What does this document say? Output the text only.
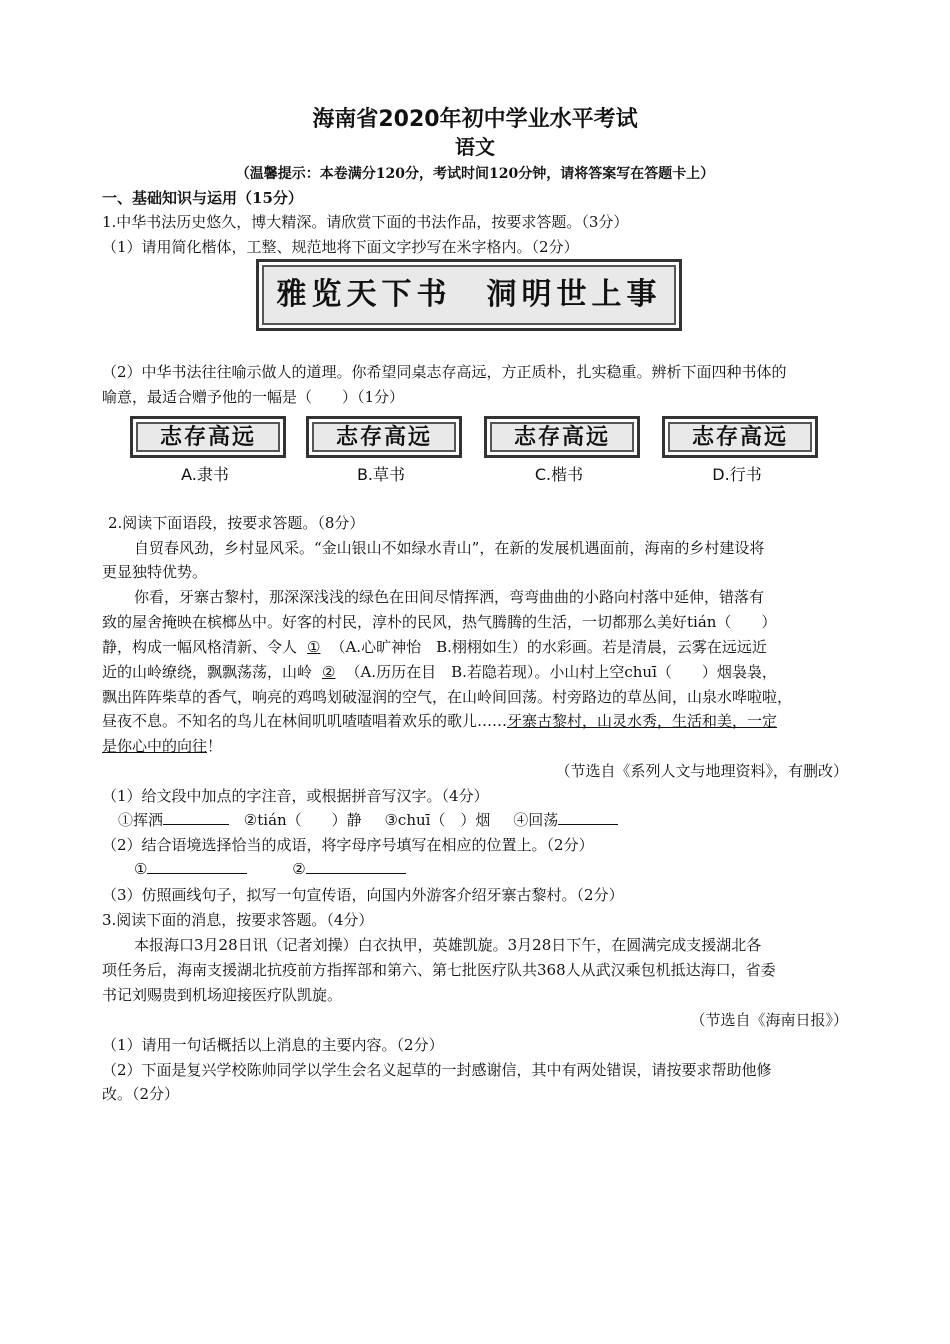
海南省2020年初中学业水平考试
语文
（温馨提示：本卷满分120分，考试时间120分钟，请将答案写在答题卡上）
一、基础知识与运用（15分）
1.中华书法历史悠久，博大精深。请欣赏下面的书法作品，按要求答题。（3分）
（1）请用简化楷体，工整、规范地将下面文字抄写在米字格内。（2分）
雅览天下书　洞明世上事
（2）中华书法往往喻示做人的道理。你希望同桌志存高远，方正质朴，扎实稳重。辨析下面四种书体的
喻意，最适合赠予他的一幅是（　　）（1分）
志存高远	志存高远	志存高远	志存高远
A.隶书	B.草书	C.楷书	D.行书
2.阅读下面语段，按要求答题。（8分）
自贸春风劲，乡村显风采。“金山银山不如绿水青山”，在新的发展机遇面前，海南的乡村建设将
更显独特优势。
你看，牙寨古黎村，那深深浅浅的绿色在田间尽情挥洒，弯弯曲曲的小路向村落中延伸，错落有
致的屋舍掩映在槟榔丛中。好客的村民，淳朴的民风，热气腾腾的生活，一切都那么美好tián（　　）
静，构成一幅风格清新、令人 ① （A.心旷神怡　B.栩栩如生）的水彩画。若是清晨，云雾在远远近
近的山岭缭绕，飘飘荡荡，山岭 ② （A.历历在目　B.若隐若现）。小山村上空chuī（　　）烟袅袅，
飘出阵阵柴草的香气，响亮的鸡鸣划破湿润的空气，在山岭间回荡。村旁路边的草丛间，山泉水哗啦啦，
昼夜不息。不知名的鸟儿在林间叽叽喳喳唱着欢乐的歌儿……牙寨古黎村，山灵水秀，生活和美，一定
是你心中的向往！
（节选自《系列人文与地理资料》，有删改）
（1）给文段中加点的字注音，或根据拼音写汉字。（4分）
①挥洒	②tián（　　）静 ③chuī（　）烟 ④回荡
（2）结合语境选择恰当的成语，将字母序号填写在相应的位置上。（2分）
①	②
（3）仿照画线句子，拟写一句宣传语，向国内外游客介绍牙寨古黎村。（2分）
3.阅读下面的消息，按要求答题。（4分）
本报海口3月28日讯（记者刘操）白衣执甲，英雄凯旋。3月28日下午，在圆满完成支援湖北各
项任务后，海南支援湖北抗疫前方指挥部和第六、第七批医疗队共368人从武汉乘包机抵达海口，省委
书记刘赐贵到机场迎接医疗队凯旋。
（节选自《海南日报》）
（1）请用一句话概括以上消息的主要内容。（2分）
（2）下面是复兴学校陈帅同学以学生会名义起草的一封感谢信，其中有两处错误，请按要求帮助他修
改。（2分）
